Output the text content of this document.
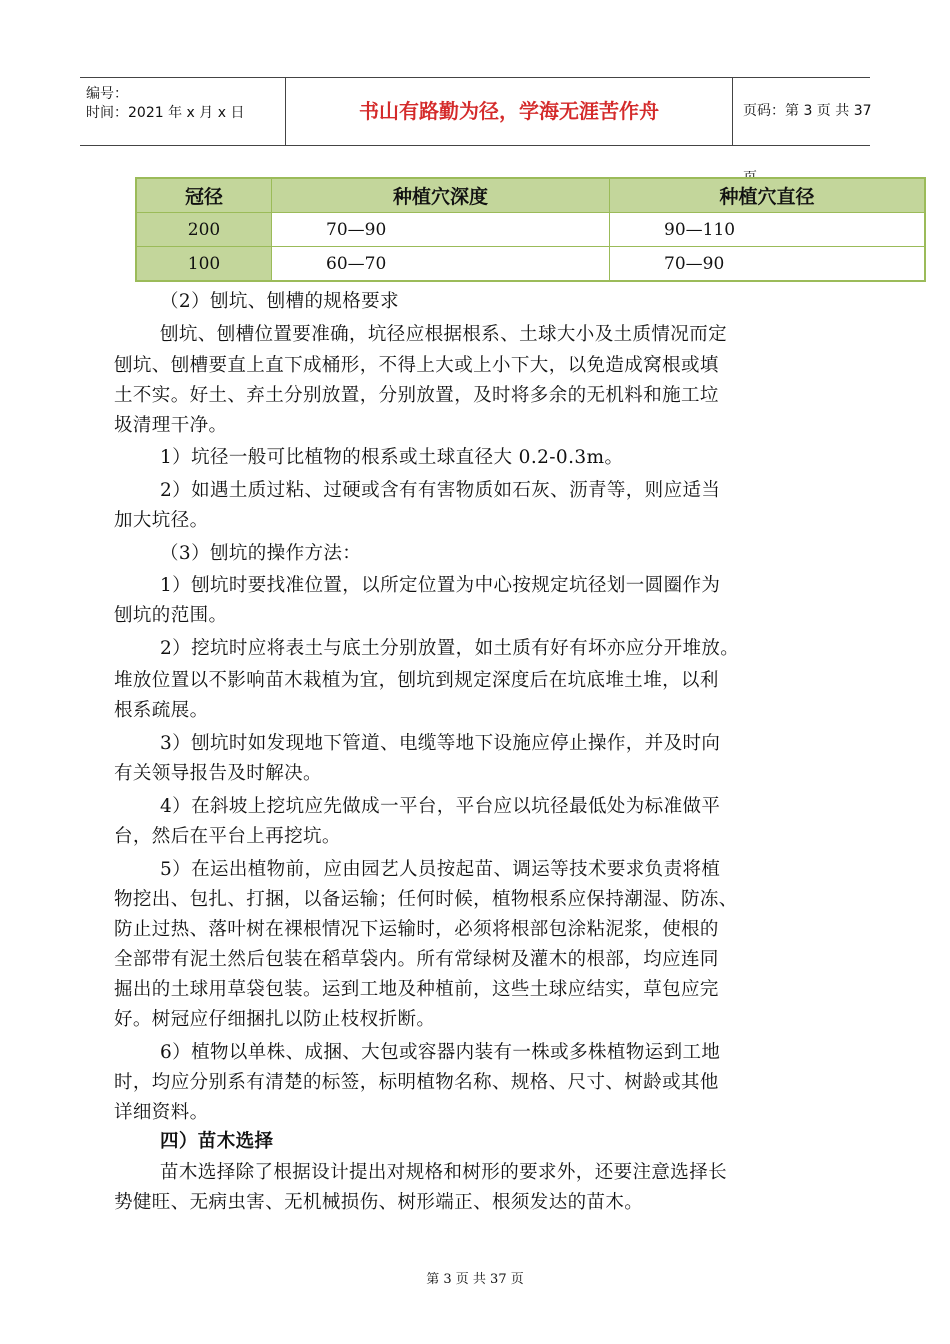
编号：
时间：2021 年 x 月 x 日	书山有路勤为径，学海无涯苦作舟	页码：第 3 页 共 37
冠径	种植穴深度	种植穴直径
200	70—90	90—110
100	60—70	70—90
（2）刨坑、刨槽的规格要求
刨坑、刨槽位置要准确，坑径应根据根系、土球大小及土质情况而定
刨坑、刨槽要直上直下成桶形，不得上大或上小下大，以免造成窝根或填
土不实。好土、弃土分别放置，分别放置，及时将多余的无机料和施工垃
圾清理干净。
1）坑径一般可比植物的根系或土球直径大 0.2-0.3m。
2）如遇土质过粘、过硬或含有有害物质如石灰、沥青等，则应适当
加大坑径。
（3）刨坑的操作方法：
1）刨坑时要找准位置，以所定位置为中心按规定坑径划一圆圈作为
刨坑的范围。
2）挖坑时应将表土与底土分别放置，如土质有好有坏亦应分开堆放。
堆放位置以不影响苗木栽植为宜，刨坑到规定深度后在坑底堆土堆，以利
根系疏展。
3）刨坑时如发现地下管道、电缆等地下设施应停止操作，并及时向
有关领导报告及时解决。
4）在斜坡上挖坑应先做成一平台，平台应以坑径最低处为标准做平
台，然后在平台上再挖坑。
5）在运出植物前，应由园艺人员按起苗、调运等技术要求负责将植
物挖出、包扎、打捆，以备运输；任何时候，植物根系应保持潮湿、防冻、
防止过热、落叶树在裸根情况下运输时，必须将根部包涂粘泥浆，使根的
全部带有泥土然后包装在稻草袋内。所有常绿树及灌木的根部，均应连同
掘出的土球用草袋包装。运到工地及种植前，这些土球应结实，草包应完
好。树冠应仔细捆扎以防止枝杈折断。
6）植物以单株、成捆、大包或容器内装有一株或多株植物运到工地
时，均应分别系有清楚的标签，标明植物名称、规格、尺寸、树龄或其他
详细资料。
四）苗木选择
苗木选择除了根据设计提出对规格和树形的要求外，还要注意选择长
势健旺、无病虫害、无机械损伤、树形端正、根须发达的苗木。
第 3 页 共 37 页
